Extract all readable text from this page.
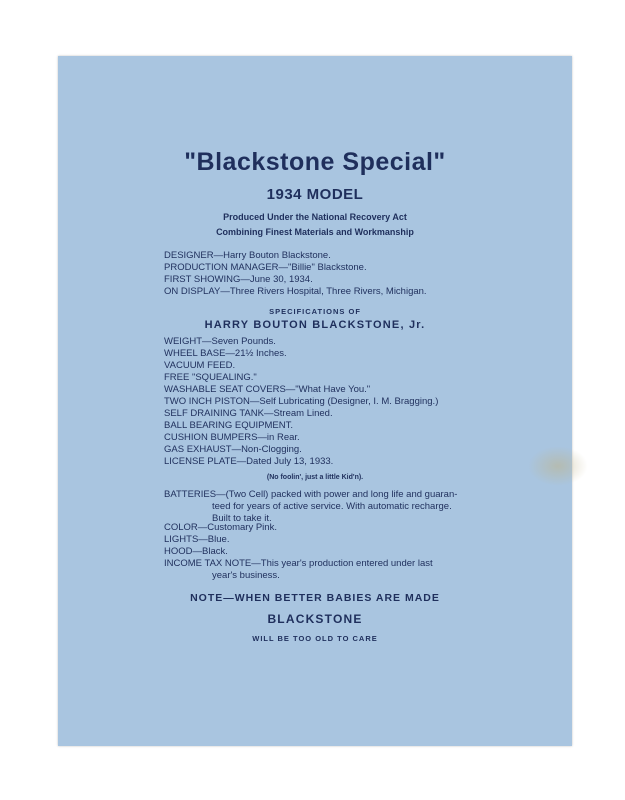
"Blackstone Special"
1934 MODEL
Produced Under the National Recovery Act
Combining Finest Materials and Workmanship
DESIGNER—Harry Bouton Blackstone.
PRODUCTION MANAGER—"Billie" Blackstone.
FIRST SHOWING—June 30, 1934.
ON DISPLAY—Three Rivers Hospital, Three Rivers, Michigan.
SPECIFICATIONS OF
HARRY BOUTON BLACKSTONE, Jr.
WEIGHT—Seven Pounds.
WHEEL BASE—21½ Inches.
VACUUM FEED.
FREE "SQUEALING."
WASHABLE SEAT COVERS—"What Have You."
TWO INCH PISTON—Self Lubricating (Designer, I. M. Bragging.)
SELF DRAINING TANK—Stream Lined.
BALL BEARING EQUIPMENT.
CUSHION BUMPERS—in Rear.
GAS EXHAUST—Non-Clogging.
LICENSE PLATE—Dated July 13, 1933.
(No foolin', just a little Kid'n).
BATTERIES—(Two Cell) packed with power and long life and guaran-
teed for years of active service. With automatic recharge. Built to take it.
COLOR—Customary Pink.
LIGHTS—Blue.
HOOD—Black.
INCOME TAX NOTE—This year's production entered under last
year's business.
NOTE—WHEN BETTER BABIES ARE MADE
BLACKSTONE
WILL BE TOO OLD TO CARE
